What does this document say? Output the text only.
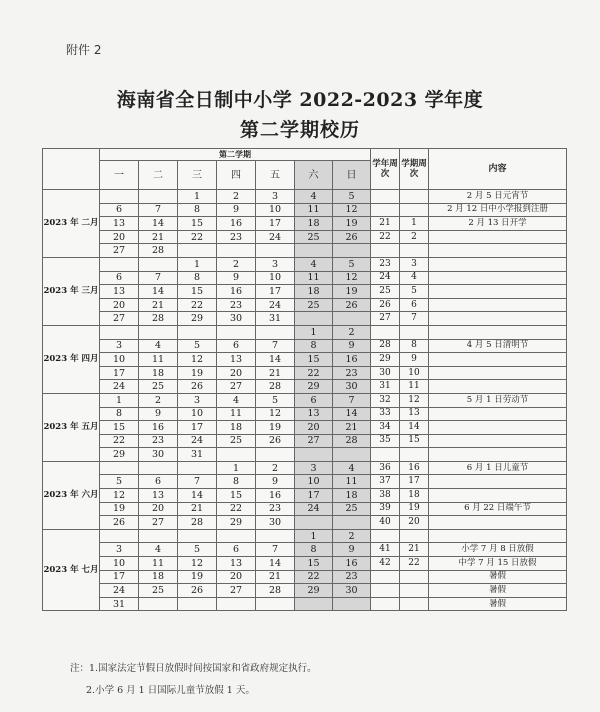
附件 2
海南省全日制中小学 2022-2023 学年度
第二学期校历
	第二学期							学年周次	学期周次	内容
	一	二	三	四	五	六	日			
2023 年 二月			1	2	3	4	5			2 月 5 日元宵节
	6	7	8	9	10	11	12			2 月 12 日中小学报到注册
	13	14	15	16	17	18	19	21	1	2 月 13 日开学
	20	21	22	23	24	25	26	22	2	
	27	28								
2023 年 三月			1	2	3	4	5	23	3	
	6	7	8	9	10	11	12	24	4	
	13	14	15	16	17	18	19	25	5	
	20	21	22	23	24	25	26	26	6	
	27	28	29	30	31			27	7	
2023 年 四月						1	2			
	3	4	5	6	7	8	9	28	8	4 月 5 日清明节
	10	11	12	13	14	15	16	29	9	
	17	18	19	20	21	22	23	30	10	
	24	25	26	27	28	29	30	31	11	
2023 年 五月	1	2	3	4	5	6	7	32	12	5 月 1 日劳动节
	8	9	10	11	12	13	14	33	13	
	15	16	17	18	19	20	21	34	14	
	22	23	24	25	26	27	28	35	15	
	29	30	31							
2023 年 六月				1	2	3	4	36	16	6 月 1 日儿童节
	5	6	7	8	9	10	11	37	17	
	12	13	14	15	16	17	18	38	18	
	19	20	21	22	23	24	25	39	19	6 月 22 日端午节
	26	27	28	29	30			40	20	
2023 年 七月						1	2			
	3	4	5	6	7	8	9	41	21	小学 7 月 8 日放假
	10	11	12	13	14	15	16	42	22	中学 7 月 15 日放假
	17	18	19	20	21	22	23			暑假
	24	25	26	27	28	29	30			暑假
	31									暑假
注：1.国家法定节假日放假时间按国家和省政府规定执行。
2.小学 6 月 1 日国际儿童节放假 1 天。
